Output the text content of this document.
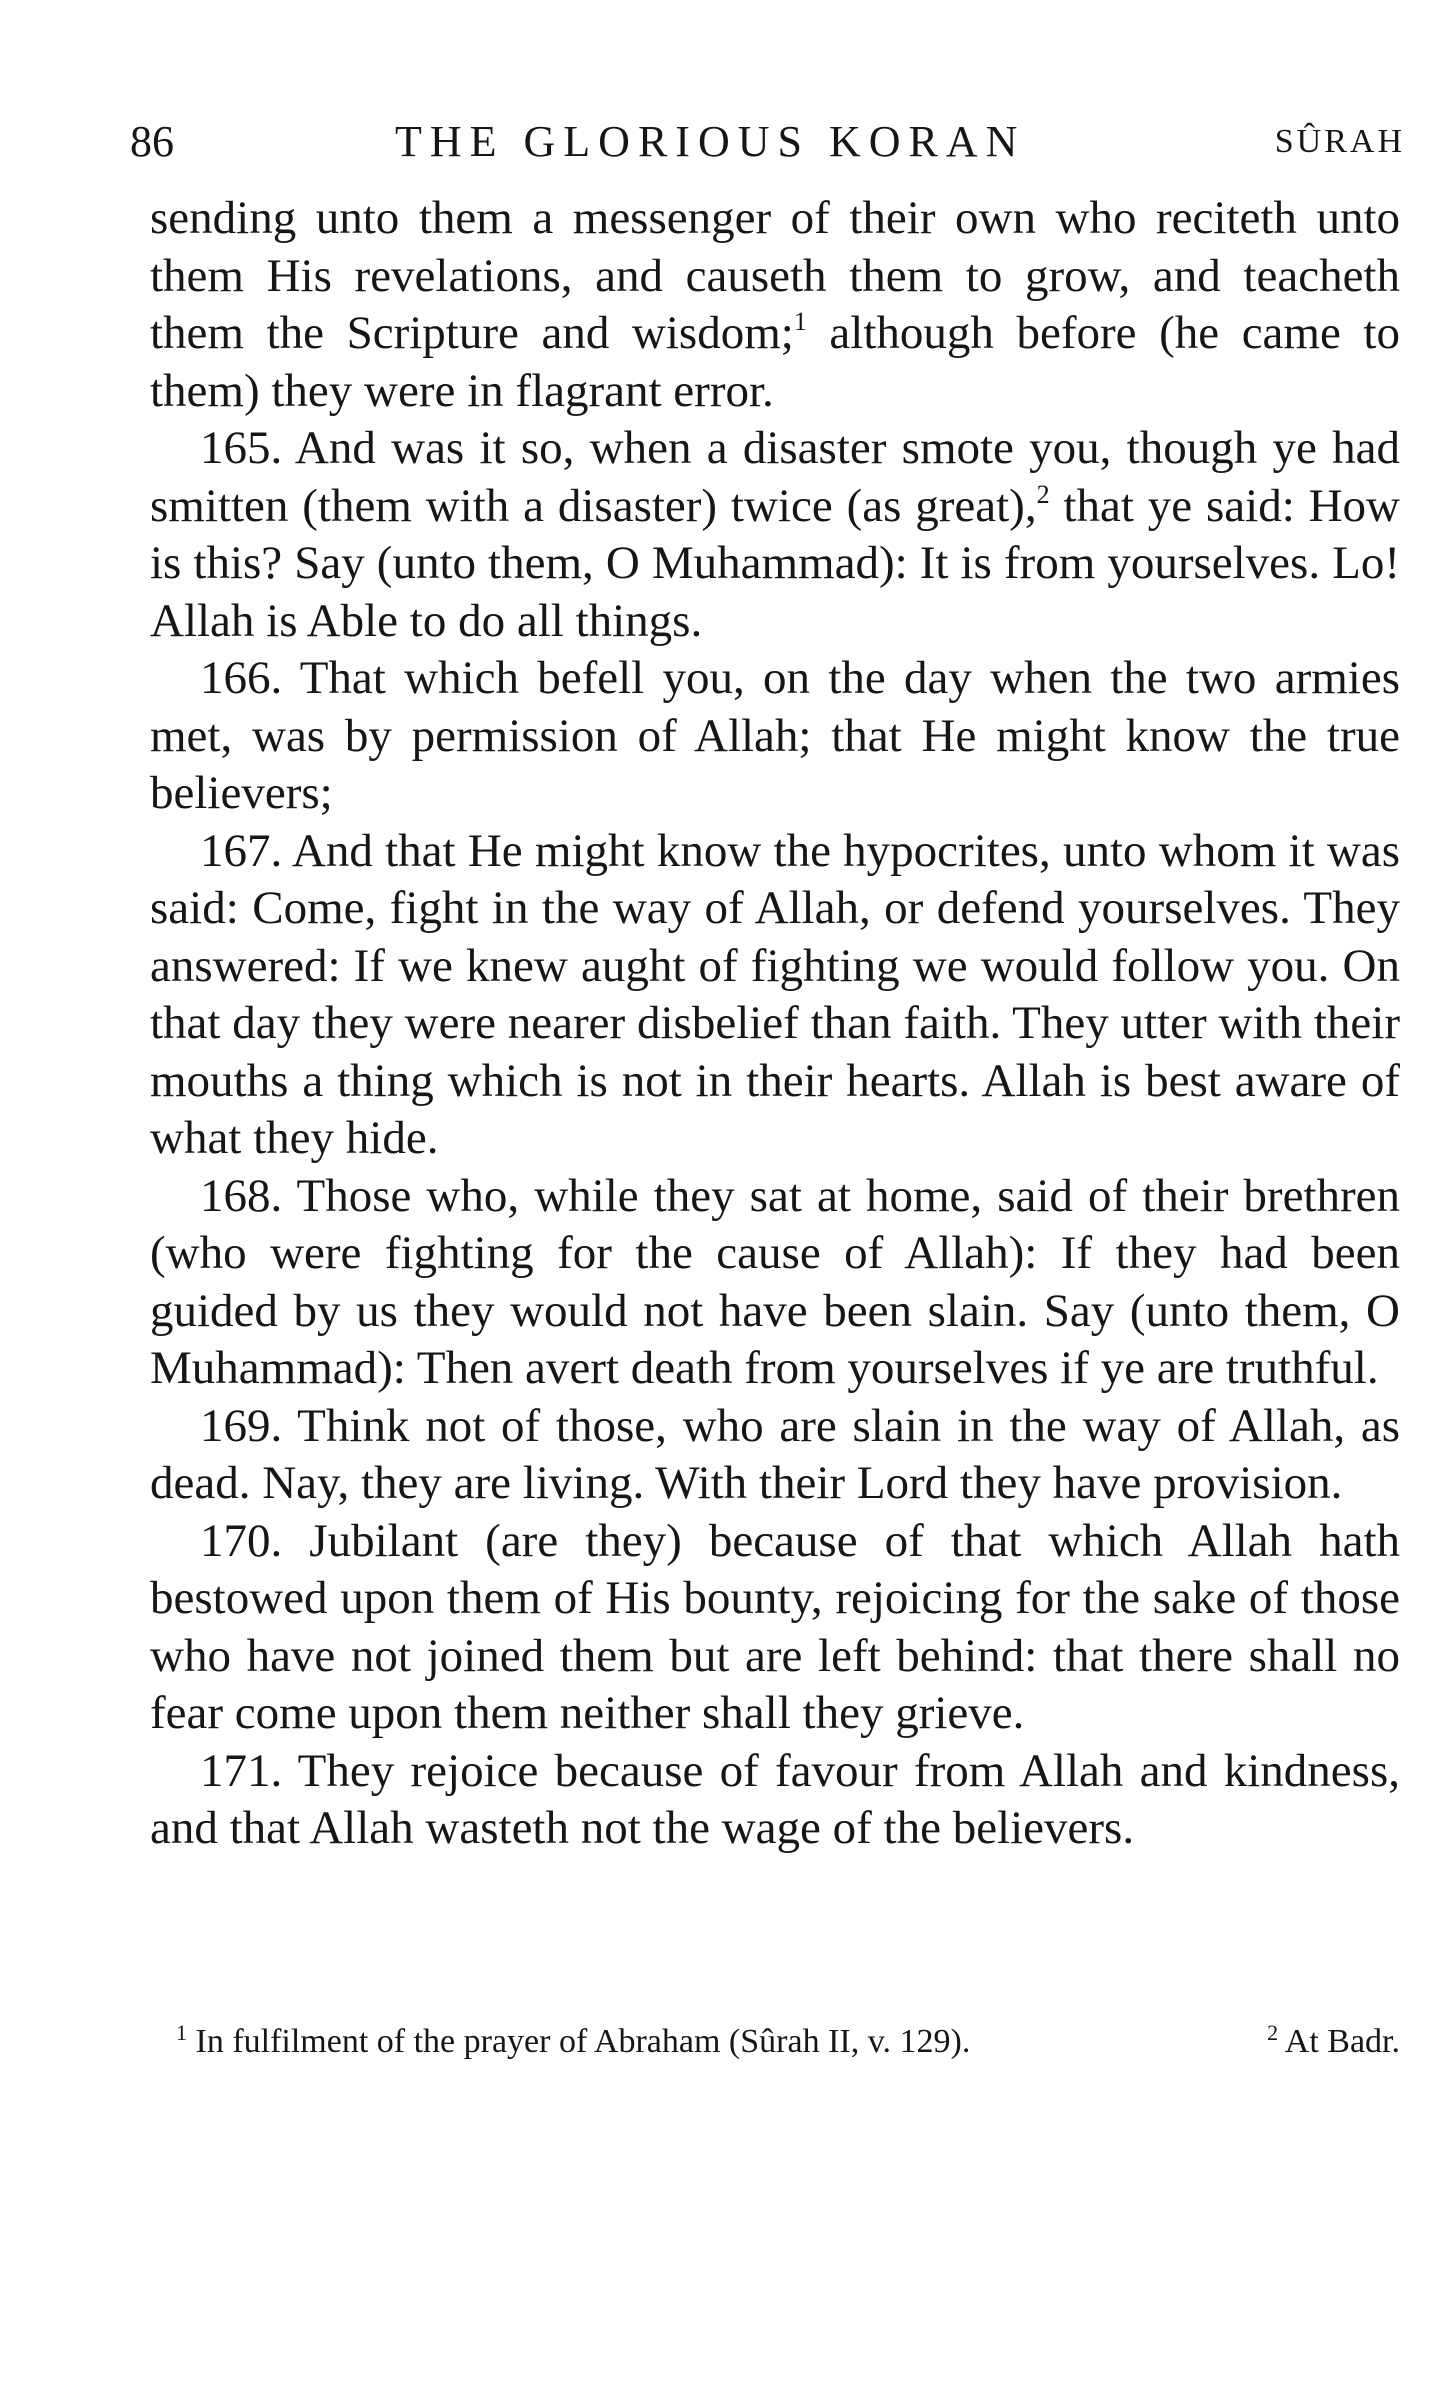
86	THE GLORIOUS KORAN	SÛRAH

sending unto them a messenger of their own who reciteth unto them His revelations, and causeth them to grow, and teacheth them the Scripture and wisdom;$^1$ although before (he came to them) they were in flagrant error.

165. And was it so, when a disaster smote you, though ye had smitten (them with a disaster) twice (as great),$^2$ that ye said: How is this? Say (unto them, O Muhammad): It is from yourselves. Lo! Allah is Able to do all things.

166. That which befell you, on the day when the two armies met, was by permission of Allah; that He might know the true believers;

167. And that He might know the hypocrites, unto whom it was said: Come, fight in the way of Allah, or defend yourselves. They answered: If we knew aught of fighting we would follow you. On that day they were nearer disbelief than faith. They utter with their mouths a thing which is not in their hearts. Allah is best aware of what they hide.

168. Those who, while they sat at home, said of their brethren (who were fighting for the cause of Allah): If they had been guided by us they would not have been slain. Say (unto them, O Muhammad): Then avert death from yourselves if ye are truthful.

169. Think not of those, who are slain in the way of Allah, as dead. Nay, they are living. With their Lord they have provision.

170. Jubilant (are they) because of that which Allah hath bestowed upon them of His bounty, rejoicing for the sake of those who have not joined them but are left behind: that there shall no fear come upon them neither shall they grieve.

171. They rejoice because of favour from Allah and kindness, and that Allah wasteth not the wage of the believers.

$^1$ In fulfilment of the prayer of Abraham (Sûrah II, v. 129).	$^2$ At Badr.
